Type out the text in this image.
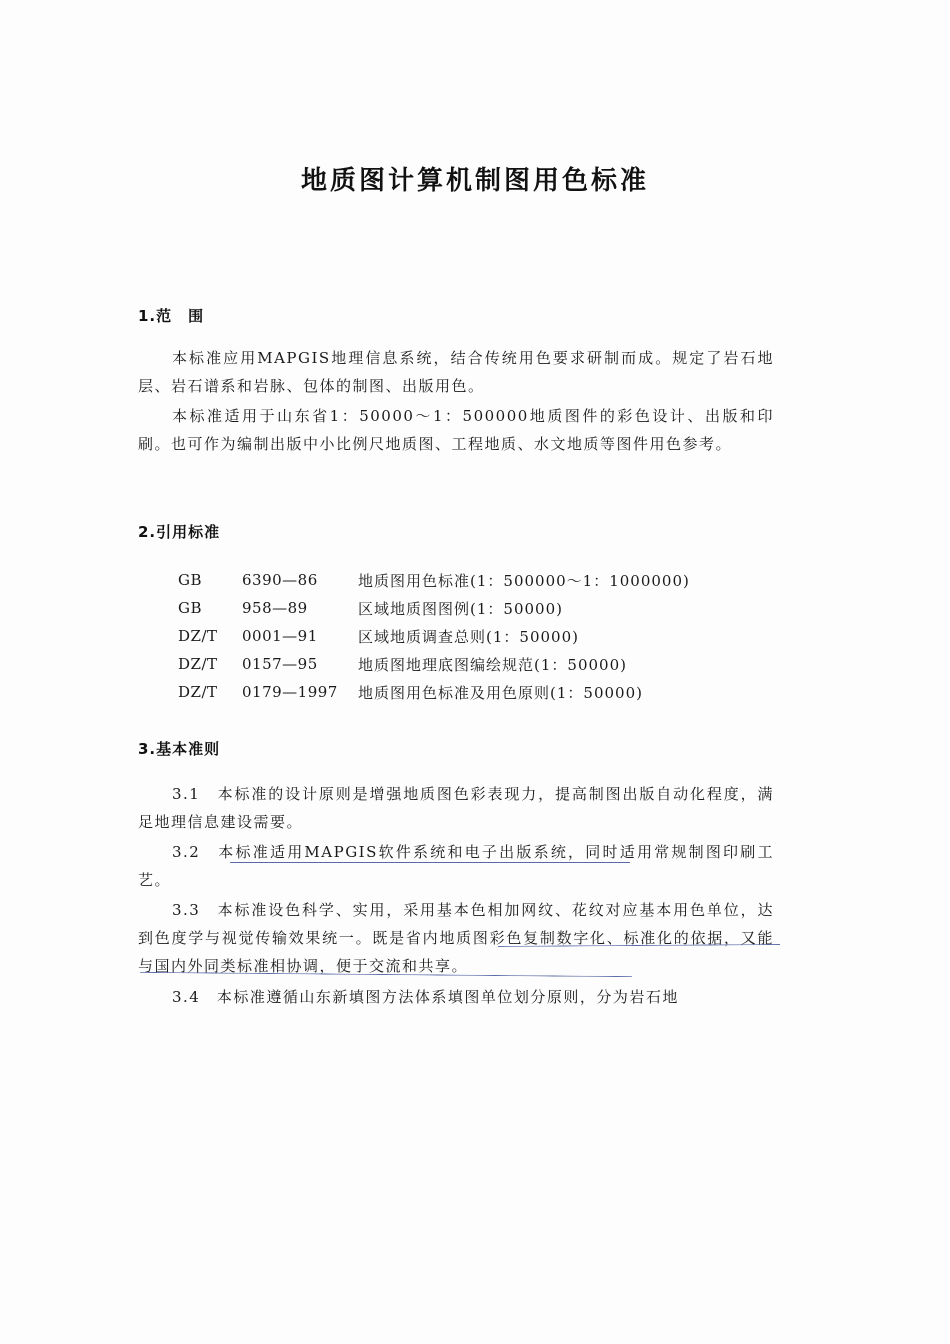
地质图计算机制图用色标准
1.范　围

本标准应用MAPGIS地理信息系统，结合传统用色要求研制而成。规定了岩石地层、岩石谱系和岩脉、包体的制图、出版用色。

本标准适用于山东省1：50000～1：500000地质图件的彩色设计、出版和印刷。也可作为编制出版中小比例尺地质图、工程地质、水文地质等图件用色参考。

2.引用标准
GB	6390—86	地质图用色标准(1：500000～1：1000000)
GB	958—89	区域地质图图例(1：50000)
DZ/T	0001—91	区域地质调查总则(1：50000)
DZ/T	0157—95	地质图地理底图编绘规范(1：50000)
DZ/T	0179—1997	地质图用色标准及用色原则(1：50000)
3.基本准则

3.1　本标准的设计原则是增强地质图色彩表现力，提高制图出版自动化程度，满足地理信息建设需要。

3.2　本标准适用MAPGIS软件系统和电子出版系统，同时适用常规制图印刷工艺。

3.3　本标准设色科学、实用，采用基本色相加网纹、花纹对应基本用色单位，达到色度学与视觉传输效果统一。既是省内地质图彩色复制数字化、标准化的依据，又能与国内外同类标准相协调，便于交流和共享。

3.4　本标准遵循山东新填图方法体系填图单位划分原则，分为岩石地
